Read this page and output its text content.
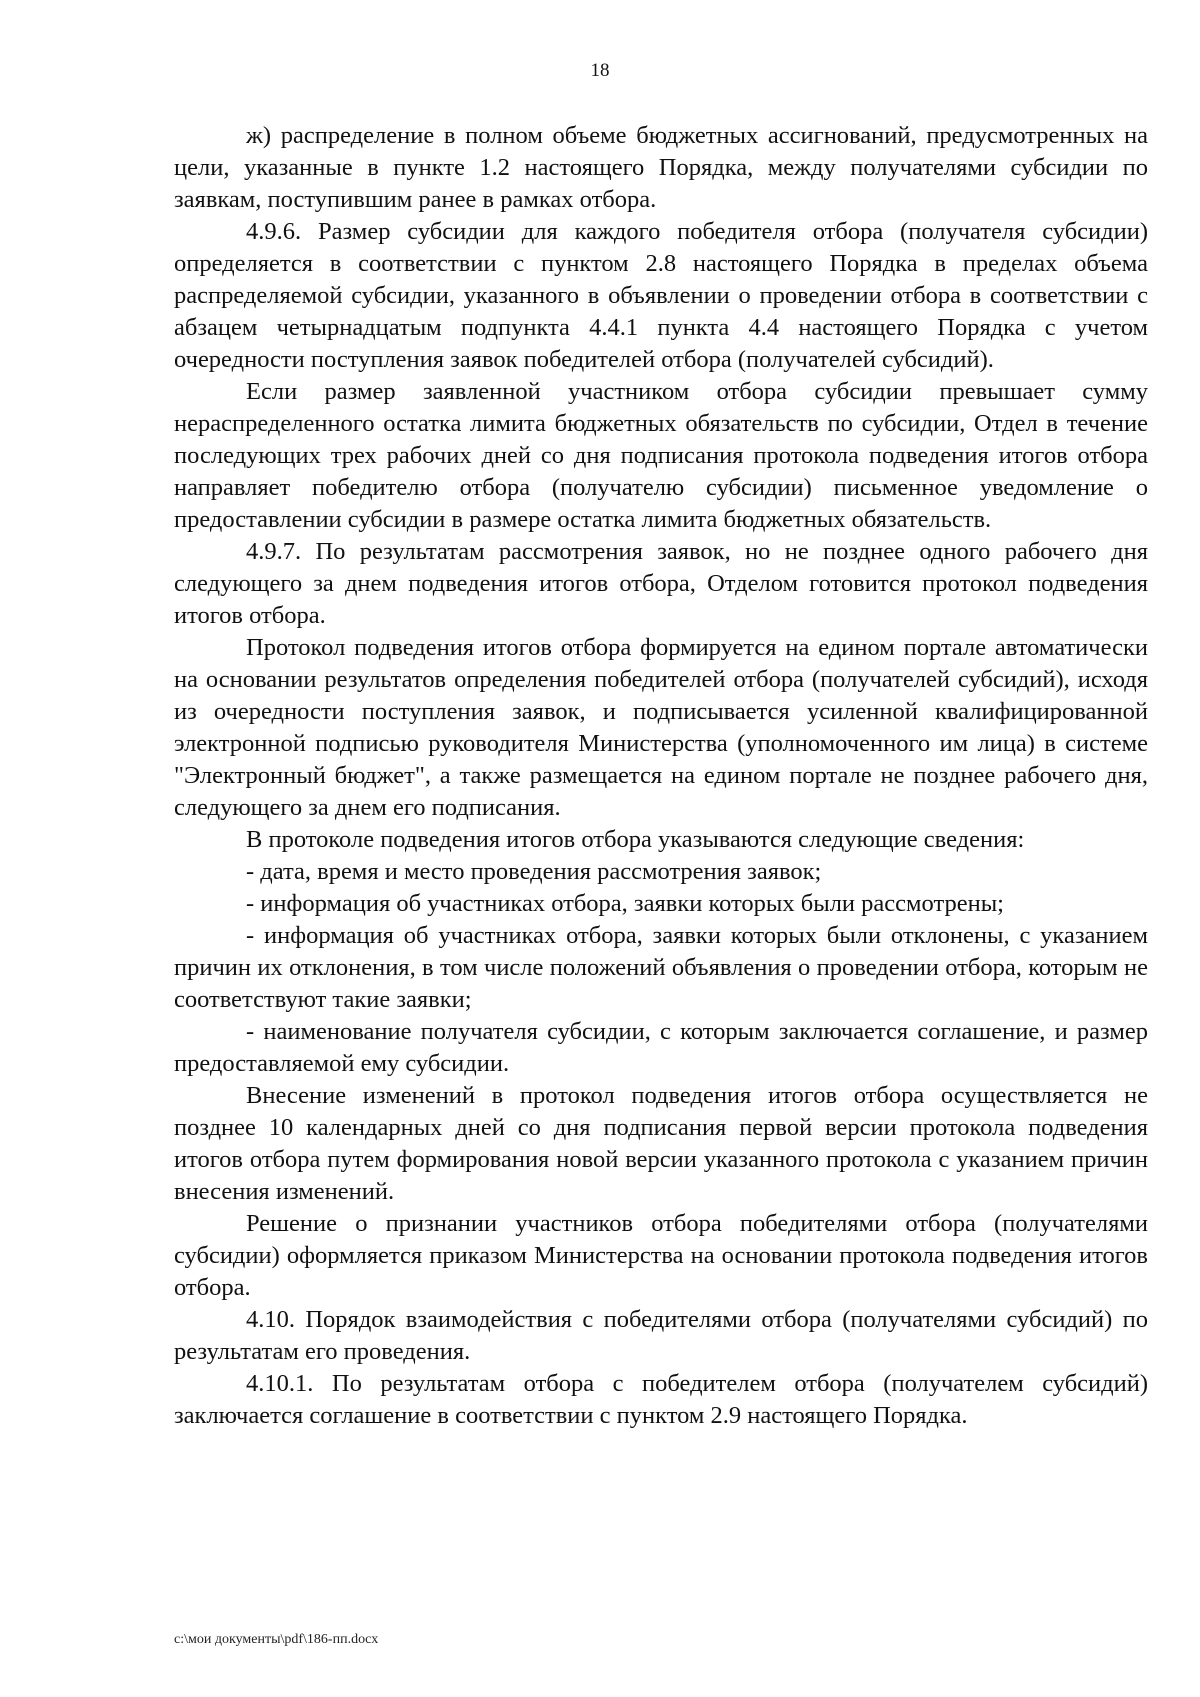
18

ж) распределение в полном объеме бюджетных ассигнований, предусмотренных на цели, указанные в пункте 1.2 настоящего Порядка, между получателями субсидии по заявкам, поступившим ранее в рамках отбора.

4.9.6. Размер субсидии для каждого победителя отбора (получателя субсидии) определяется в соответствии с пунктом 2.8 настоящего Порядка в пределах объема распределяемой субсидии, указанного в объявлении о проведении отбора в соответствии с абзацем четырнадцатым подпункта 4.4.1 пункта 4.4 настоящего Порядка с учетом очередности поступления заявок победителей отбора (получателей субсидий).

Если размер заявленной участником отбора субсидии превышает сумму нераспределенного остатка лимита бюджетных обязательств по субсидии, Отдел в течение последующих трех рабочих дней со дня подписания протокола подведения итогов отбора направляет победителю отбора (получателю субсидии) письменное уведомление о предоставлении субсидии в размере остатка лимита бюджетных обязательств.

4.9.7. По результатам рассмотрения заявок, но не позднее одного рабочего дня следующего за днем подведения итогов отбора, Отделом готовится протокол подведения итогов отбора.

Протокол подведения итогов отбора формируется на едином портале автоматически на основании результатов определения победителей отбора (получателей субсидий), исходя из очередности поступления заявок, и подписывается усиленной квалифицированной электронной подписью руководителя Министерства (уполномоченного им лица) в системе "Электронный бюджет", а также размещается на едином портале не позднее рабочего дня, следующего за днем его подписания.

В протоколе подведения итогов отбора указываются следующие сведения:

- дата, время и место проведения рассмотрения заявок;

- информация об участниках отбора, заявки которых были рассмотрены;

- информация об участниках отбора, заявки которых были отклонены, с указанием причин их отклонения, в том числе положений объявления о проведении отбора, которым не соответствуют такие заявки;

- наименование получателя субсидии, с которым заключается соглашение, и размер предоставляемой ему субсидии.

Внесение изменений в протокол подведения итогов отбора осуществляется не позднее 10 календарных дней со дня подписания первой версии протокола подведения итогов отбора путем формирования новой версии указанного протокола с указанием причин внесения изменений.

Решение о признании участников отбора победителями отбора (получателями субсидии) оформляется приказом Министерства на основании протокола подведения итогов отбора.

4.10. Порядок взаимодействия с победителями отбора (получателями субсидий) по результатам его проведения.

4.10.1. По результатам отбора с победителем отбора (получателем субсидий) заключается соглашение в соответствии с пунктом 2.9 настоящего Порядка.

c:\мои документы\pdf\186-пп.docx
